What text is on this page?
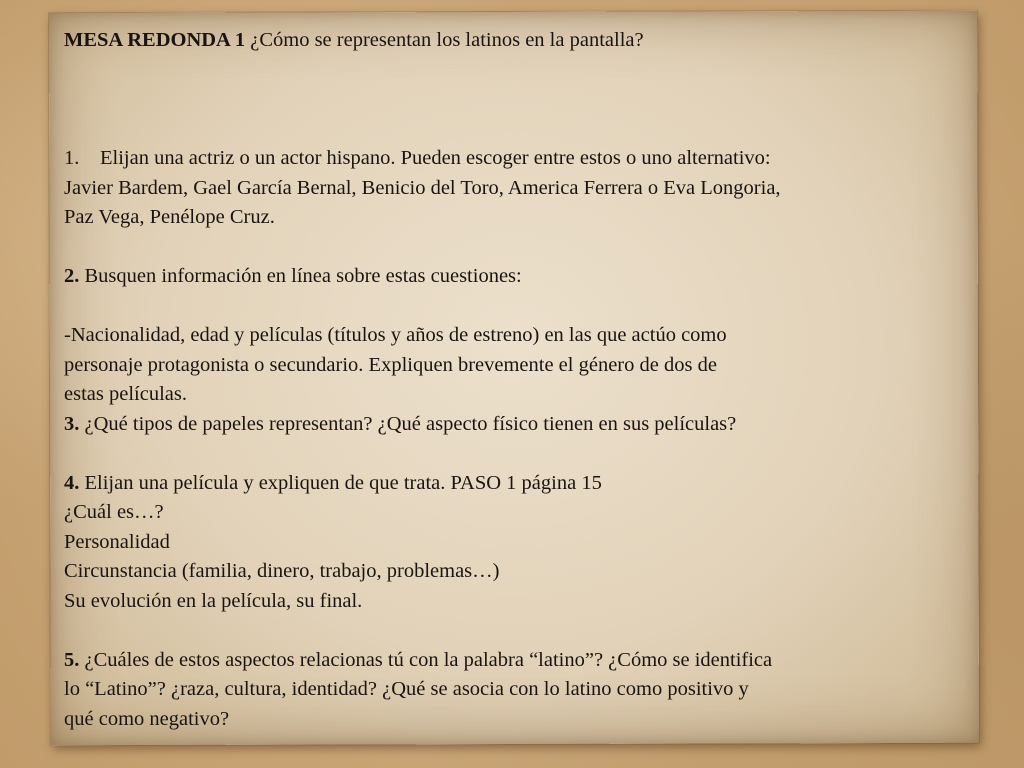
MESA REDONDA 1 ¿Cómo se representan los latinos en la pantalla?
1. Elijan una actriz o un actor hispano. Pueden escoger entre estos o uno alternativo:
Javier Bardem, Gael García Bernal, Benicio del Toro, America Ferrera o Eva Longoria,
Paz Vega, Penélope Cruz.
2. Busquen información en línea sobre estas cuestiones:
-Nacionalidad, edad y películas (títulos y años de estreno) en las que actúo como
personaje protagonista o secundario. Expliquen brevemente el género de dos de
estas películas.
3. ¿Qué tipos de papeles representan? ¿Qué aspecto físico tienen en sus películas?
4. Elijan una película y expliquen de que trata. PASO 1 página 15
¿Cuál es…?
Personalidad
Circunstancia (familia, dinero, trabajo, problemas…)
Su evolución en la película, su final.
5. ¿Cuáles de estos aspectos relacionas tú con la palabra “latino”? ¿Cómo se identifica
lo “Latino”? ¿raza, cultura, identidad? ¿Qué se asocia con lo latino como positivo y
qué como negativo?
